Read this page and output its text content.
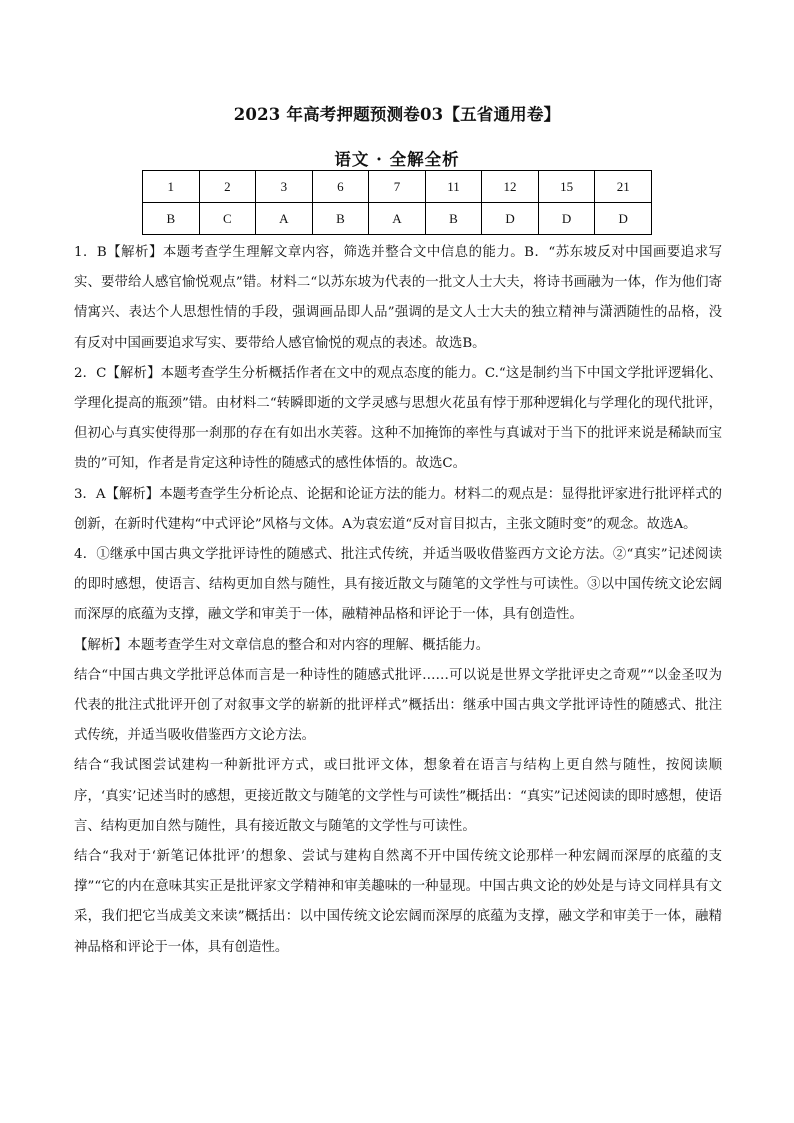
2023 年高考押题预测卷03【五省通用卷】
语文 · 全解全析
1	2	3	6	7	11	12	15	21
B	C	A	B	A	B	D	D	D

1．B【解析】本题考查学生理解文章内容，筛选并整合文中信息的能力。B．“苏东坡反对中国画要追求写实、要带给人感官愉悦观点”错。材料二“以苏东坡为代表的一批文人士大夫，将诗书画融为一体，作为他们寄情寓兴、表达个人思想性情的手段，强调画品即人品”强调的是文人士大夫的独立精神与潇洒随性的品格，没有反对中国画要追求写实、要带给人感官愉悦的观点的表述。故选B。

2．C【解析】本题考查学生分析概括作者在文中的观点态度的能力。C.“这是制约当下中国文学批评逻辑化、学理化提高的瓶颈”错。由材料二“转瞬即逝的文学灵感与思想火花虽有悖于那种逻辑化与学理化的现代批评，但初心与真实使得那一刹那的存在有如出水芙蓉。这种不加掩饰的率性与真诚对于当下的批评来说是稀缺而宝贵的”可知，作者是肯定这种诗性的随感式的感性体悟的。故选C。

3．A【解析】本题考查学生分析论点、论据和论证方法的能力。材料二的观点是：显得批评家进行批评样式的创新，在新时代建构“中式评论”风格与文体。A为袁宏道“反对盲目拟古，主张文随时变”的观念。故选A。

4．①继承中国古典文学批评诗性的随感式、批注式传统，并适当吸收借鉴西方文论方法。②“真实”记述阅读的即时感想，使语言、结构更加自然与随性，具有接近散文与随笔的文学性与可读性。③以中国传统文论宏阔而深厚的底蕴为支撑，融文学和审美于一体，融精神品格和评论于一体，具有创造性。

【解析】本题考查学生对文章信息的整合和对内容的理解、概括能力。

结合“中国古典文学批评总体而言是一种诗性的随感式批评……可以说是世界文学批评史之奇观”“以金圣叹为代表的批注式批评开创了对叙事文学的崭新的批评样式”概括出：继承中国古典文学批评诗性的随感式、批注式传统，并适当吸收借鉴西方文论方法。

结合“我试图尝试建构一种新批评方式，或曰批评文体，想象着在语言与结构上更自然与随性，按阅读顺序，‘真实’记述当时的感想，更接近散文与随笔的文学性与可读性”概括出：“真实”记述阅读的即时感想，使语言、结构更加自然与随性，具有接近散文与随笔的文学性与可读性。

结合“我对于‘新笔记体批评’的想象、尝试与建构自然离不开中国传统文论那样一种宏阔而深厚的底蕴的支撑”“它的内在意味其实正是批评家文学精神和审美趣味的一种显现。中国古典文论的妙处是与诗文同样具有文采，我们把它当成美文来读”概括出：以中国传统文论宏阔而深厚的底蕴为支撑，融文学和审美于一体，融精神品格和评论于一体，具有创造性。
